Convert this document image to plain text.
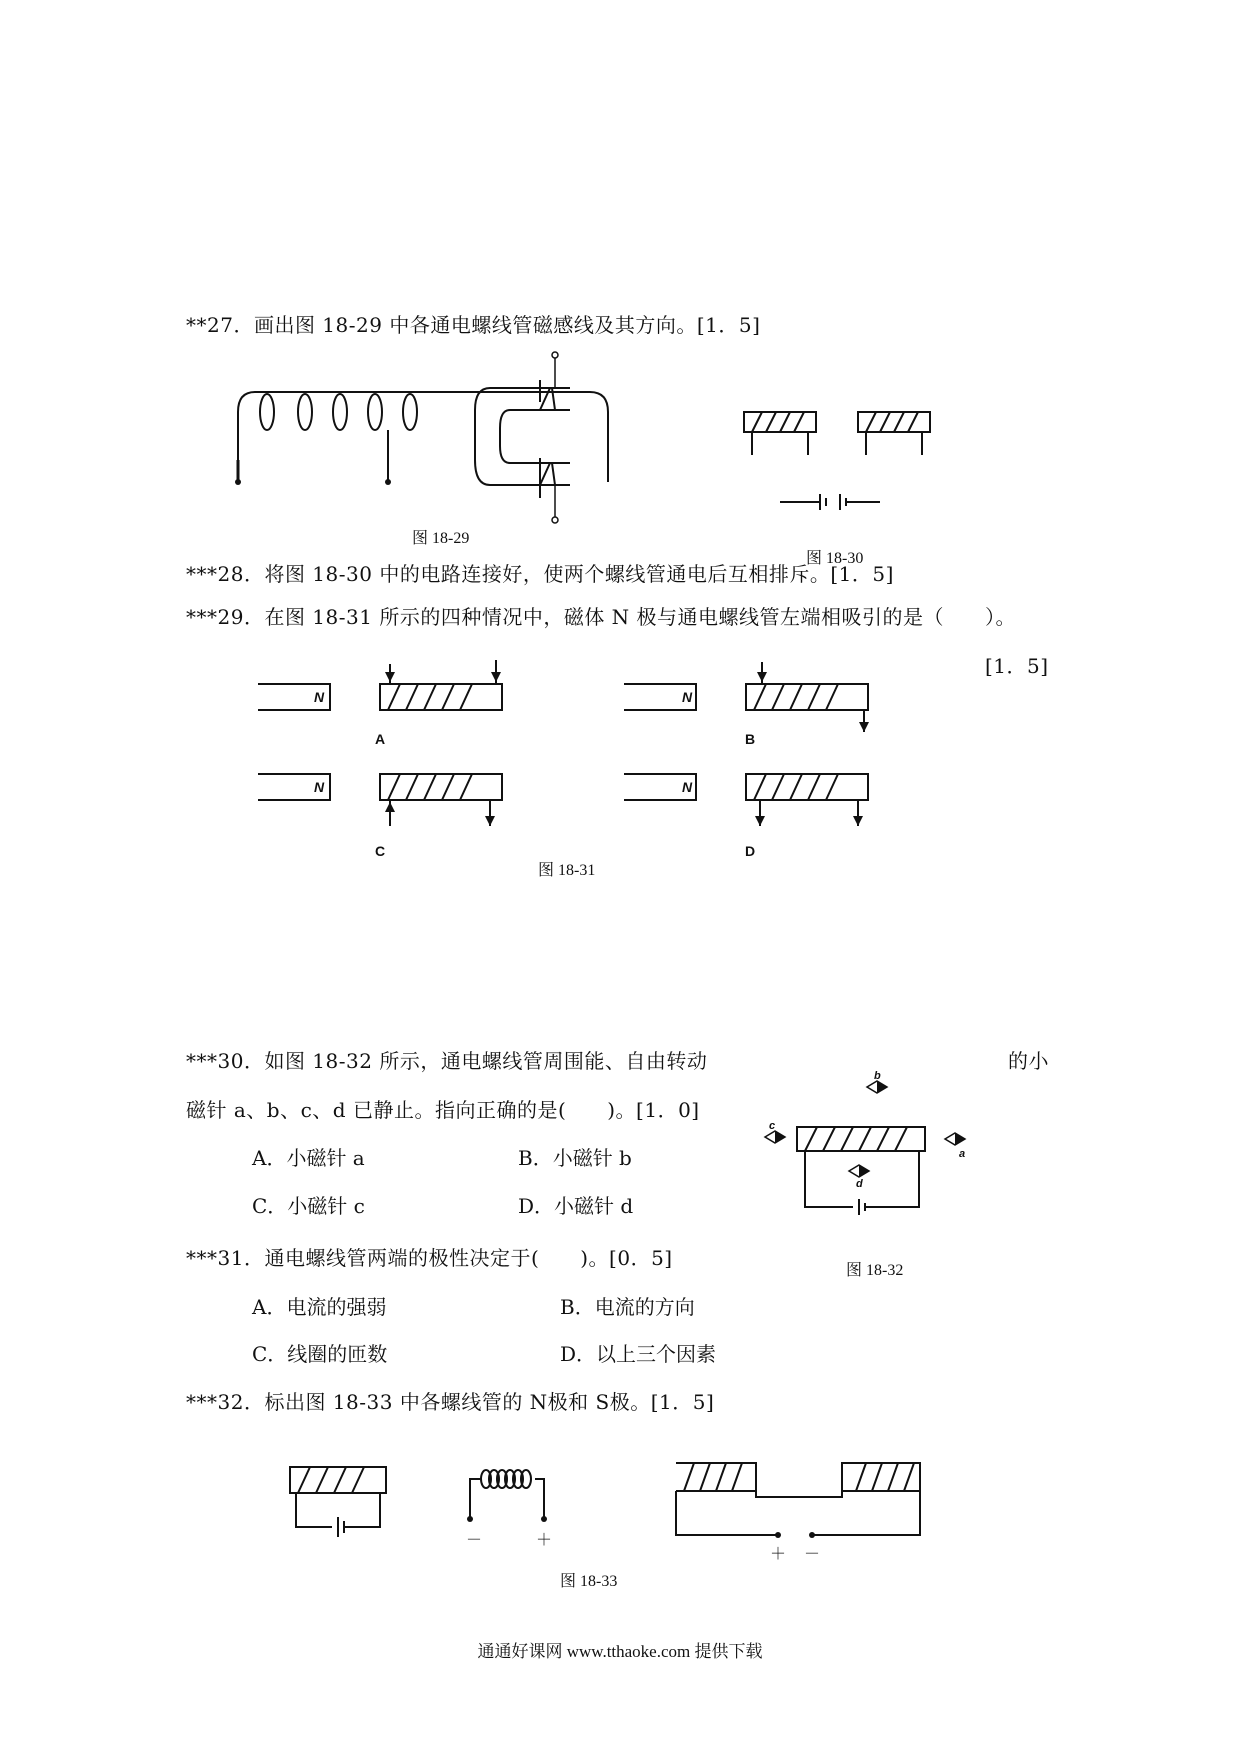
**27．画出图 18-29 中各通电螺线管磁感线及其方向。[1．5]
图 18-29
图 18-30
***28．将图 18-30 中的电路连接好，使两个螺线管通电后互相排斥。[1．5]
***29．在图 18-31 所示的四种情况中，磁体 N 极与通电螺线管左端相吸引的是（　　）。
[1．5]
N	N
N	N
A	B
C	D
图 18-31
***30．如图 18-32 所示，通电螺线管周围能、自由转动	的小
磁针 a、b、c、d 已静止。指向正确的是(　　)。[1．0]
A．小磁针 a	B．小磁针 b
C．小磁针 c	D．小磁针 d
b
c
a
d
图 18-32
***31．通电螺线管两端的极性决定于(　　)。[0．5]
A．电流的强弱	B．电流的方向
C．线圈的匝数	D．以上三个因素
***32．标出图 18-33 中各螺线管的 N极和 S极。[1．5]
－	＋
＋ －
图 18-33
通通好课网 www.tthaoke.com 提供下载
